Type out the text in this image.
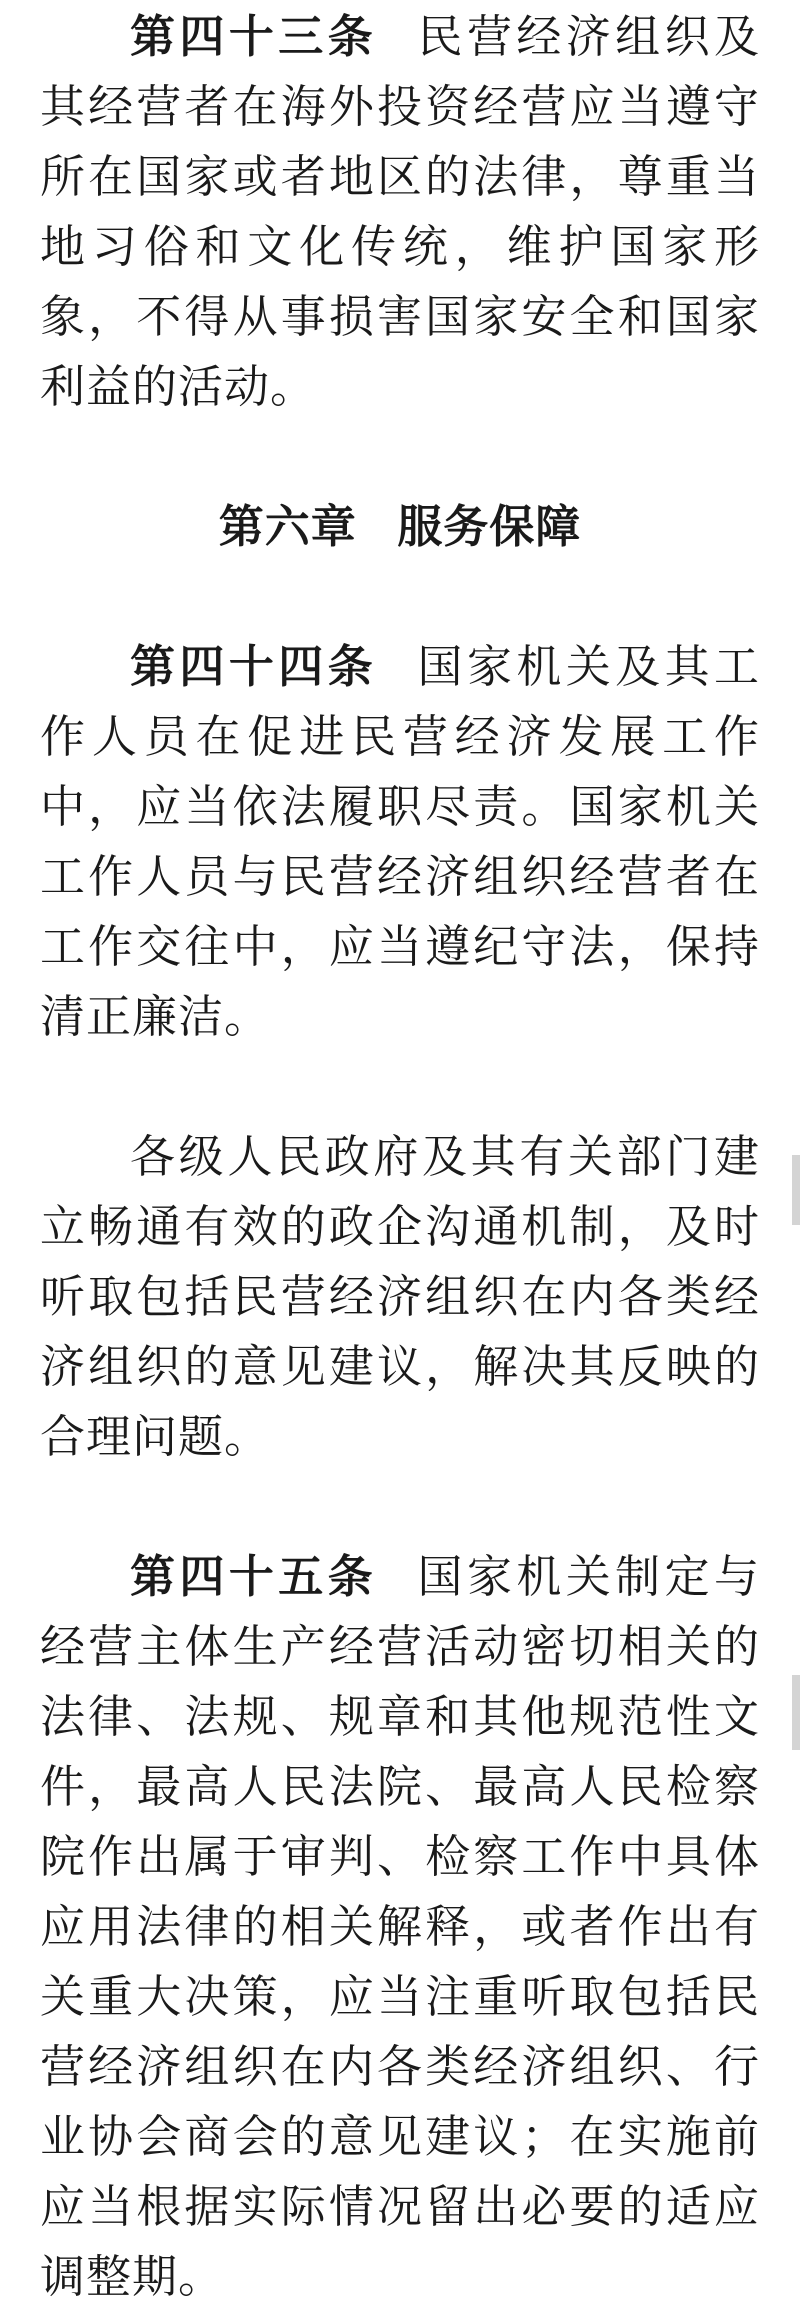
第四十三条 民营经济组织及其经营者在海外投资经营应当遵守所在国家或者地区的法律，尊重当地习俗和文化传统，维护国家形象，不得从事损害国家安全和国家利益的活动。

第六章 服务保障

第四十四条 国家机关及其工作人员在促进民营经济发展工作中，应当依法履职尽责。国家机关工作人员与民营经济组织经营者在工作交往中，应当遵纪守法，保持清正廉洁。

各级人民政府及其有关部门建立畅通有效的政企沟通机制，及时听取包括民营经济组织在内各类经济组织的意见建议，解决其反映的合理问题。

第四十五条 国家机关制定与经营主体生产经营活动密切相关的法律、法规、规章和其他规范性文件，最高人民法院、最高人民检察院作出属于审判、检察工作中具体应用法律的相关解释，或者作出有关重大决策，应当注重听取包括民营经济组织在内各类经济组织、行业协会商会的意见建议；在实施前应当根据实际情况留出必要的适应调整期。
